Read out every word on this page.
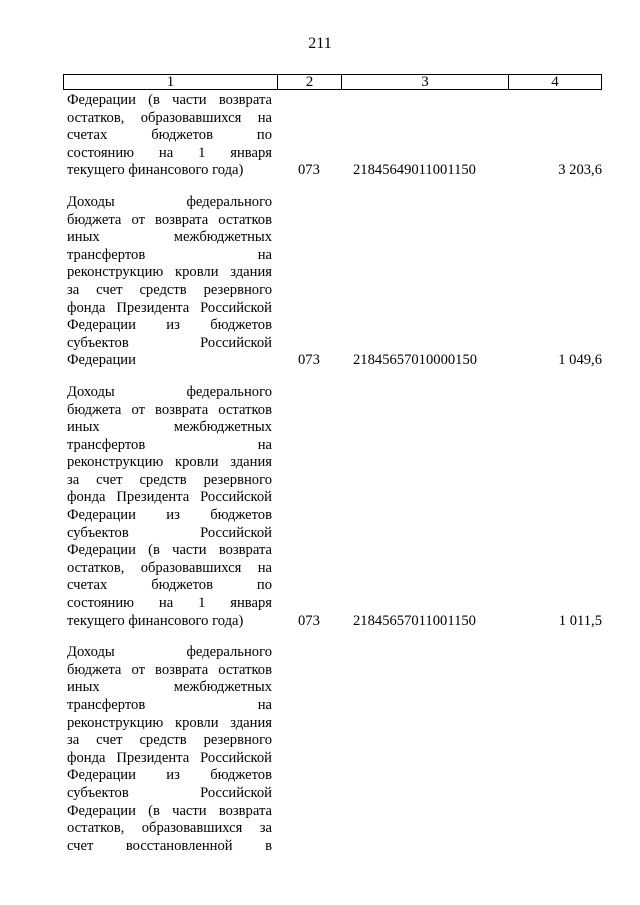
211
1	2	3	4
Федерации (в части возврата
остатков, образовавшихся на
счетах бюджетов по
состоянию на 1 января
текущего финансового года)	073 21845649011001150	3 203,6
Доходы федерального
бюджета от возврата остатков
иных межбюджетных
трансфертов на
реконструкцию кровли здания
за счет средств резервного
фонда Президента Российской
Федерации из бюджетов
субъектов Российской
Федерации	073 21845657010000150	1 049,6
Доходы федерального
бюджета от возврата остатков
иных межбюджетных
трансфертов на
реконструкцию кровли здания
за счет средств резервного
фонда Президента Российской
Федерации из бюджетов
субъектов Российской
Федерации (в части возврата
остатков, образовавшихся на
счетах бюджетов по
состоянию на 1 января
текущего финансового года)	073 21845657011001150	1 011,5
Доходы федерального
бюджета от возврата остатков
иных межбюджетных
трансфертов на
реконструкцию кровли здания
за счет средств резервного
фонда Президента Российской
Федерации из бюджетов
субъектов Российской
Федерации (в части возврата
остатков, образовавшихся за
счет восстановленной в
